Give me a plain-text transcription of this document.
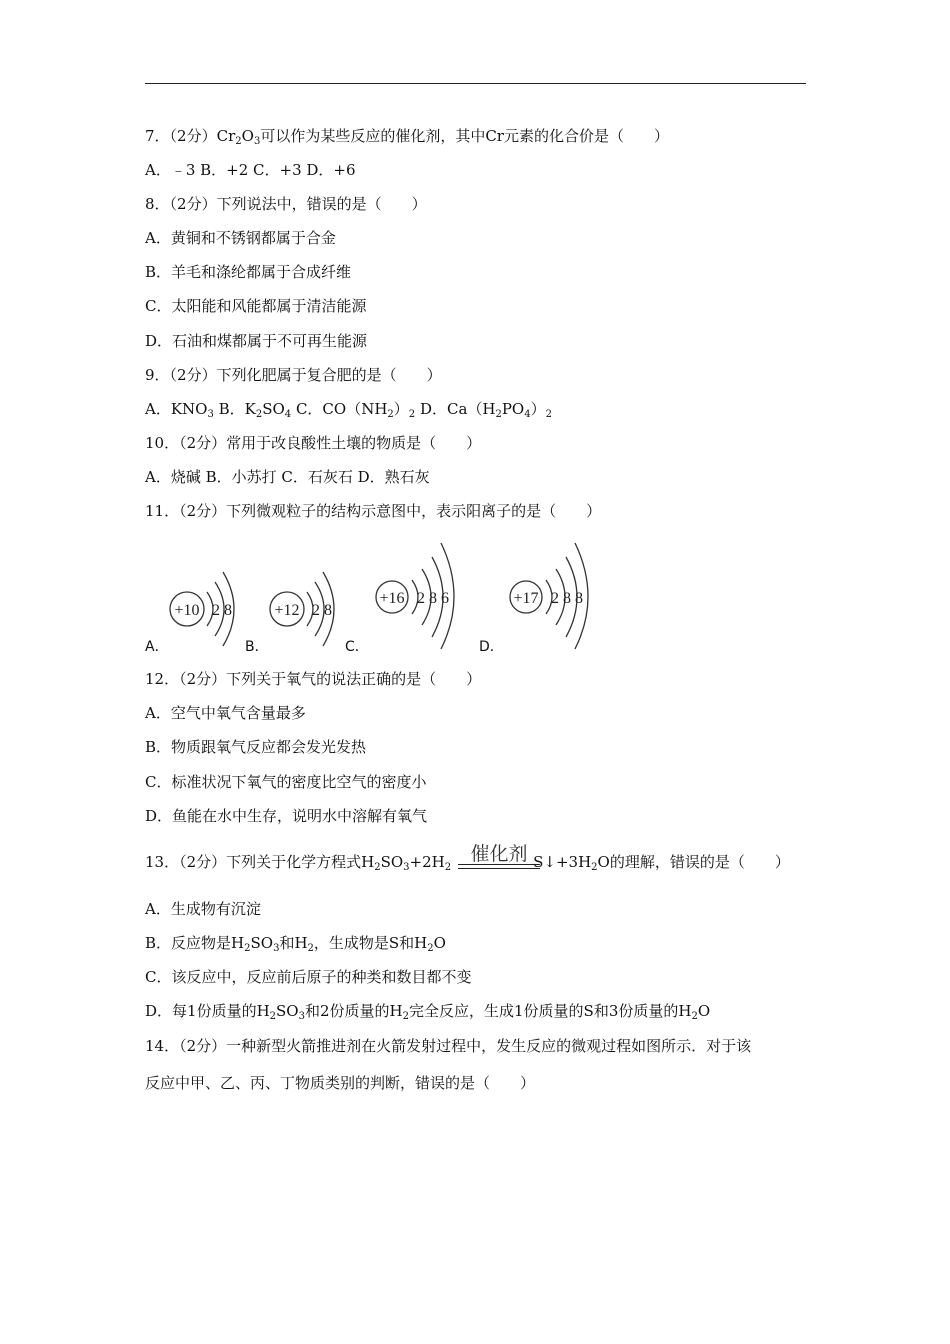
7．（2分）$Cr_2O_3$可以作为某些反应的催化剂，其中Cr元素的化合价是（　　）
A．﹣3 B．+2 C．+3 D．+6
8．（2分）下列说法中，错误的是（　　）
A．黄铜和不锈钢都属于合金
B．羊毛和涤纶都属于合成纤维
C．太阳能和风能都属于清洁能源
D．石油和煤都属于不可再生能源
9．（2分）下列化肥属于复合肥的是（　　）
A．$KNO_3$ B．$K_2SO_4$ C．$CO(NH_2)_2$ D．$Ca(H_2PO_4)_2$
10．（2分）常用于改良酸性土壤的物质是（　　）
A．烧碱 B．小苏打 C．石灰石 D．熟石灰
11．（2分）下列微观粒子的结构示意图中，表示阳离子的是（　　）
+10 2 8	+12 2 8
+16 2 8 6	+17 2 8 8
A．	B．	C．	D．
12．（2分）下列关于氧气的说法正确的是（　　）
A．空气中氧气含量最多
B．物质跟氧气反应都会发光发热
C．标准状况下氧气的密度比空气的密度小
D．鱼能在水中生存，说明水中溶解有氧气
13．（2分）下列关于化学方程式$H_2SO_3+2H_2$	$S↓+3H_2O$的理解，错误的是（　　）
催化剂
A．生成物有沉淀
B．反应物是$H_2SO_3$和$H_2$，生成物是S和$H_2O$
C．该反应中，反应前后原子的种类和数目都不变
D．每1份质量的$H_2SO_3$和2份质量的$H_2$完全反应，生成1份质量的S和3份质量的$H_2O$
14．（2分）一种新型火箭推进剂在火箭发射过程中，发生反应的微观过程如图所示．对于该
反应中甲、乙、丙、丁物质类别的判断，错误的是（　　）
